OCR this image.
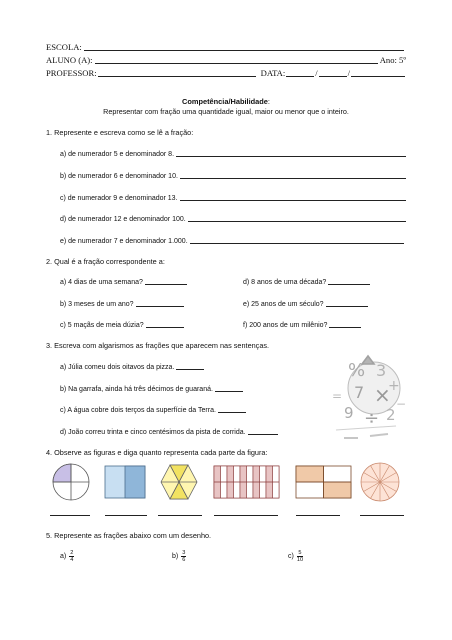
ESCOLA:
ALUNO (A):	Ano: 5º
PROFESSOR:	DATA:	/	/
Competência/Habilidade:
Representar com fração uma quantidade igual, maior ou menor que o inteiro.
1. Represente e escreva como se lê a fração:
a) de numerador 5 e denominador 8.
b) de numerador 6 e denominador 10.
c) de numerador 9 e denominador 13.
d) de numerador 12 e denominador 100.
e) de numerador 7 e denominador 1.000.
2. Qual é a fração correspondente a:
a) 4 dias de uma semana?
b) 3 meses de um ano?
c) 5 maçãs de meia dúzia?
d) 8 anos de uma década?
e) 25 anos de um século?
f) 200 anos de um milênio?
3. Escreva com algarismos as frações que aparecem nas sentenças.
a) Júlia comeu dois oitavos da pizza.
b) Na garrafa, ainda há três décimos de guaraná.
c) A água cobre dois terços da superfície da Terra.
d) João correu trinta e cinco centésimos da pista de corrida.
% 3
7 ×
+
9 ÷ 2
=
−
4. Observe as figuras e diga quanto representa cada parte da figura:
5. Represente as frações abaixo com um desenho.
$a) \frac{2}{4}$	$b) \frac{3}{6}$	$c) \frac{5}{10}$
